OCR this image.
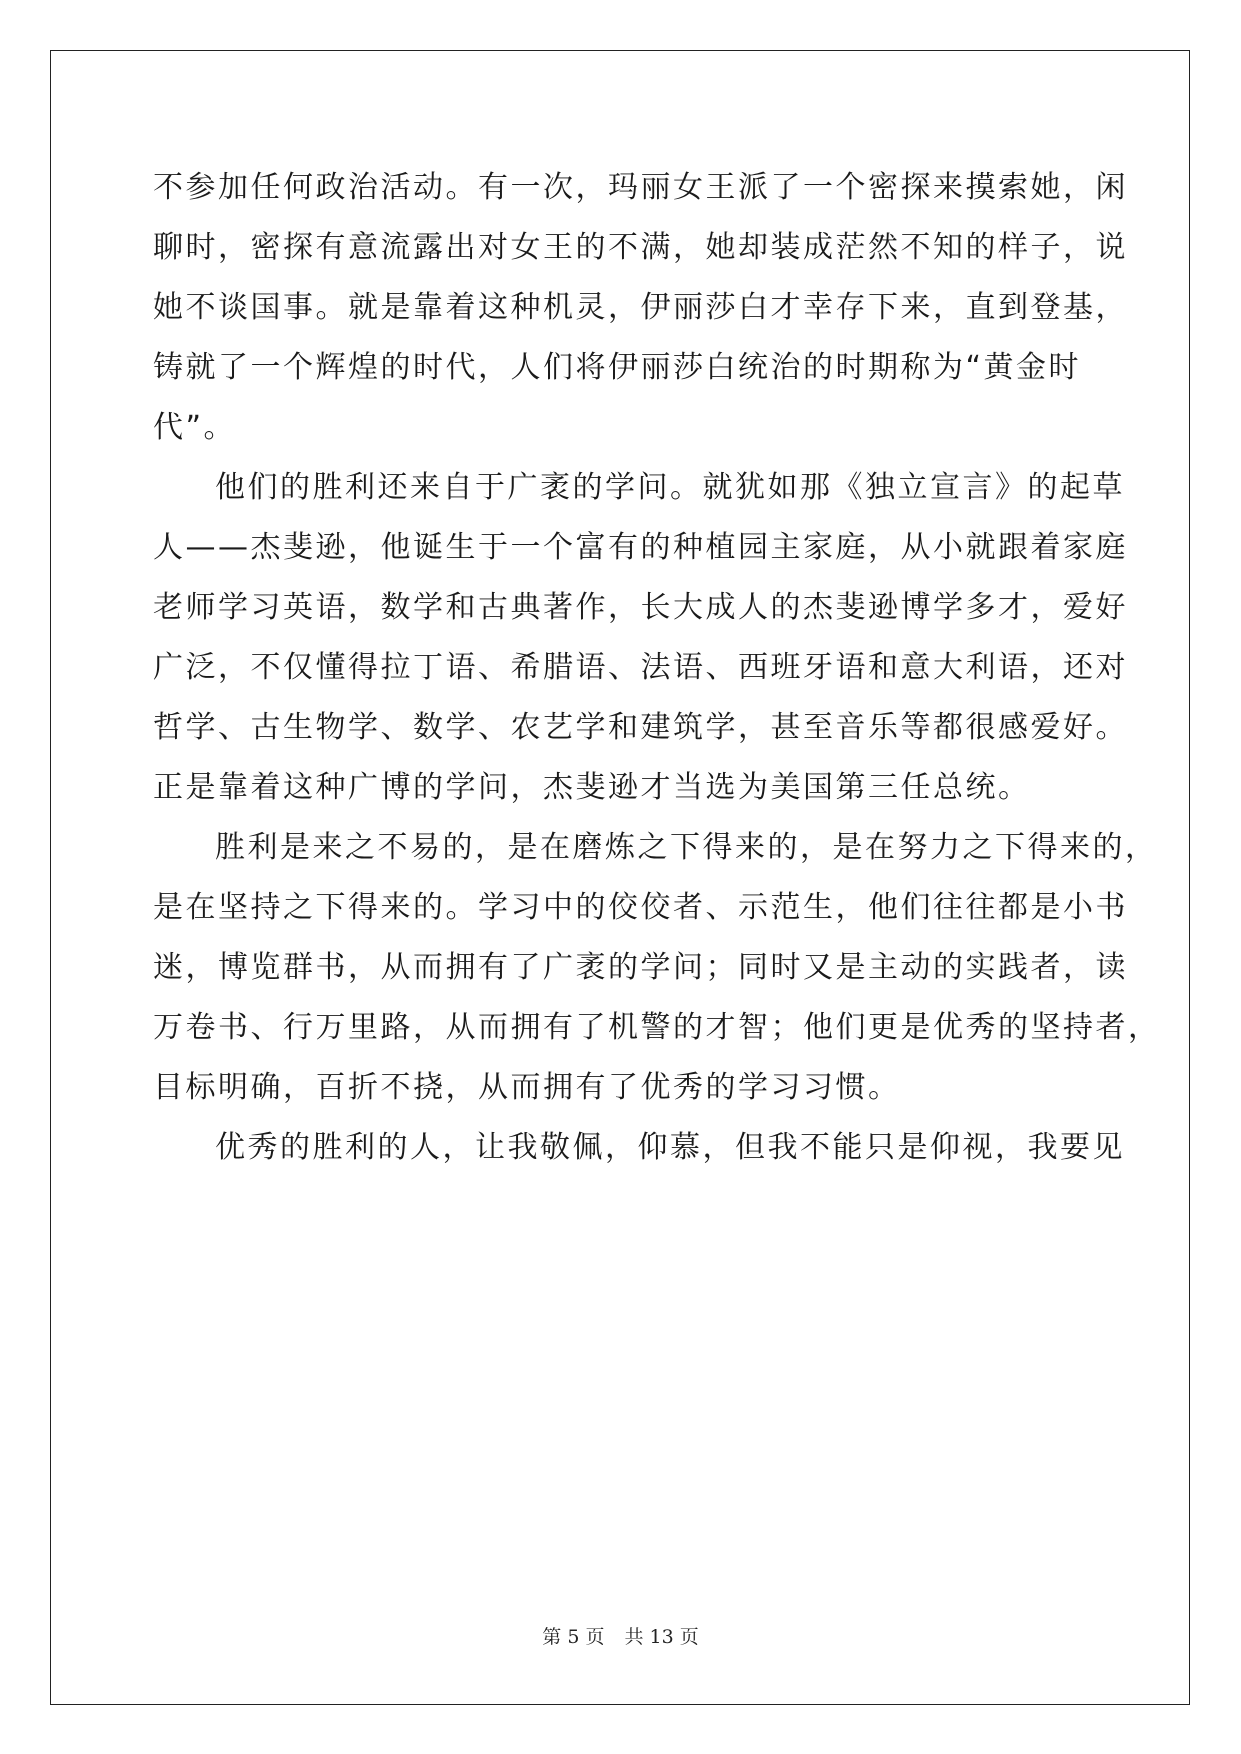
不参加任何政治活动。有一次，玛丽女王派了一个密探来摸索她，闲
聊时，密探有意流露出对女王的不满，她却装成茫然不知的样子，说
她不谈国事。就是靠着这种机灵，伊丽莎白才幸存下来，直到登基，
铸就了一个辉煌的时代，人们将伊丽莎白统治的时期称为“黄金时
代”。
他们的胜利还来自于广袤的学问。就犹如那《独立宣言》的起草
人——杰斐逊，他诞生于一个富有的种植园主家庭，从小就跟着家庭
老师学习英语，数学和古典著作，长大成人的杰斐逊博学多才，爱好
广泛，不仅懂得拉丁语、希腊语、法语、西班牙语和意大利语，还对
哲学、古生物学、数学、农艺学和建筑学，甚至音乐等都很感爱好。
正是靠着这种广博的学问，杰斐逊才当选为美国第三任总统。
胜利是来之不易的，是在磨炼之下得来的，是在努力之下得来的，
是在坚持之下得来的。学习中的佼佼者、示范生，他们往往都是小书
迷，博览群书，从而拥有了广袤的学问；同时又是主动的实践者，读
万卷书、行万里路，从而拥有了机警的才智；他们更是优秀的坚持者，
目标明确，百折不挠，从而拥有了优秀的学习习惯。
优秀的胜利的人，让我敬佩，仰慕，但我不能只是仰视，我要见
第 5 页 共 13 页
